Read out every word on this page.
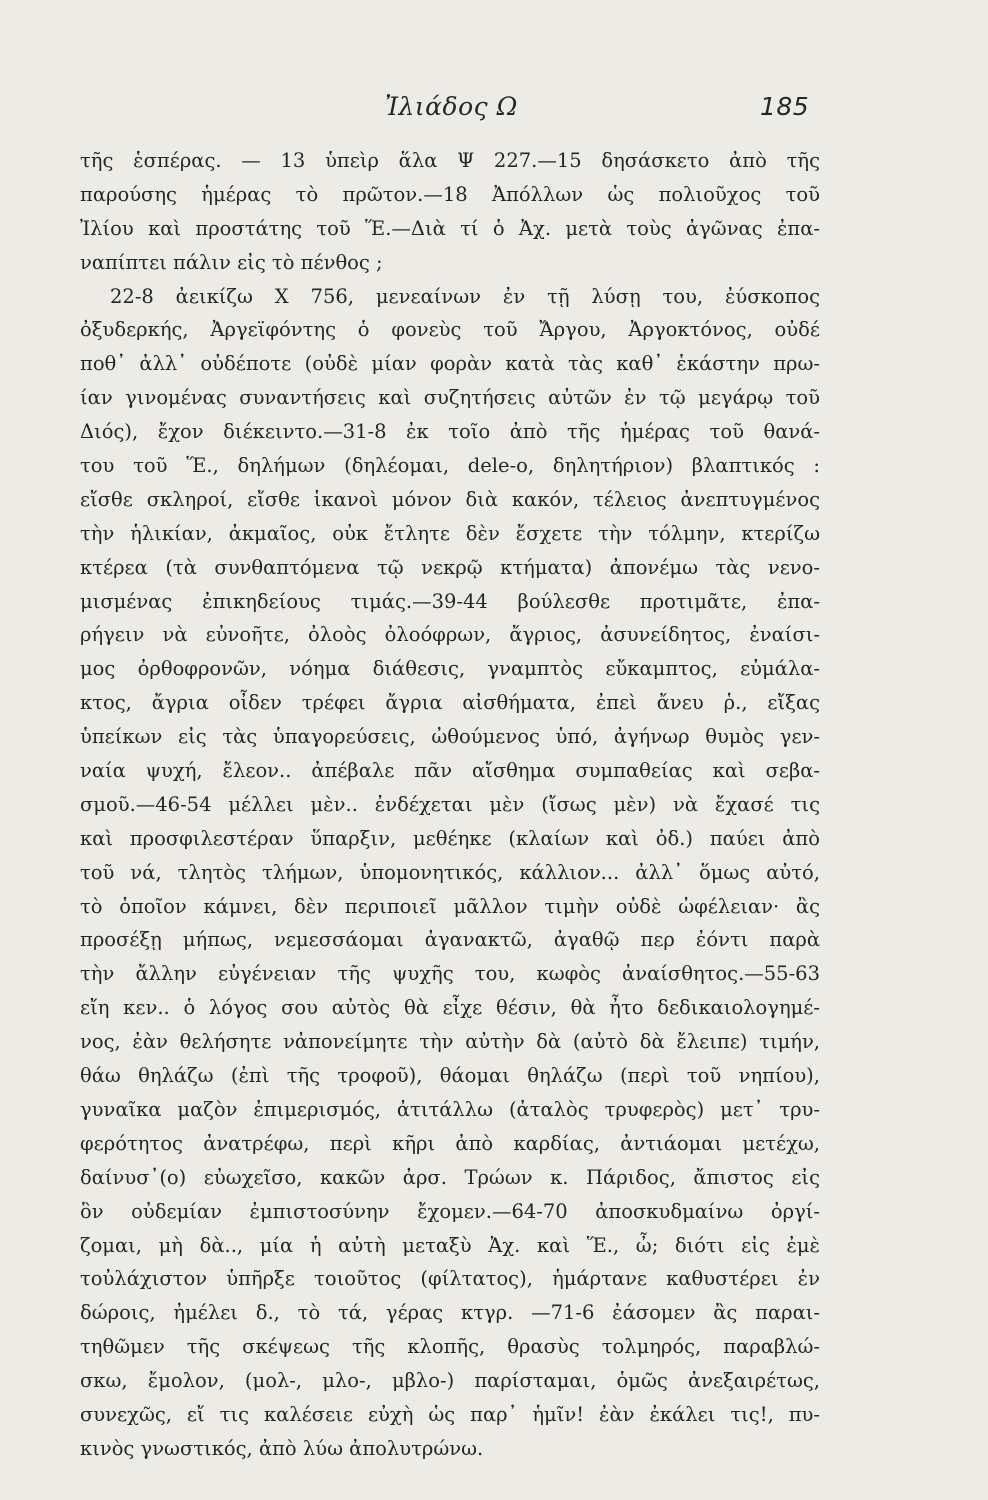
Ἰλιάδος Ω	185
τῆς ἑσπέρας. — 13 ὑπεὶρ ἅλα Ψ 227.—15 δησάσκετο ἀπὸ τῆς
παρούσης ἡμέρας τὸ πρῶτον.—18 Ἀπόλλων ὡς πολιοῦχος τοῦ
Ἰλίου καὶ προστάτης τοῦ Ἕ.—Διὰ τί ὁ Ἀχ. μετὰ τοὺς ἀγῶνας ἐπα-
ναπίπτει πάλιν εἰς τὸ πένθος ;
22-8 ἀεικίζω X 756, μενεαίνων ἐν τῇ λύσῃ του, ἐύσκοπος
ὀξυδερκής, Ἀργεϊφόντης ὁ φονεὺς τοῦ Ἄργου, Ἀργοκτόνος, οὐδέ
ποθ᾽ ἀλλ᾽ οὐδέποτε (οὐδὲ μίαν φορὰν κατὰ τὰς καθ᾽ ἑκάστην πρω-
ίαν γινομένας συναντήσεις καὶ συζητήσεις αὐτῶν ἐν τῷ μεγάρῳ τοῦ
Διός), ἔχον διέκειντο.—31-8 ἐκ τοῖο ἀπὸ τῆς ἡμέρας τοῦ θανά-
του τοῦ Ἕ., δηλήμων (δηλέομαι, dele-o, δηλητήριον) βλαπτικός :
εἴσθε σκληροί, εἴσθε ἱκανοὶ μόνον διὰ κακόν, τέλειος ἀνεπτυγμένος
τὴν ἡλικίαν, ἀκμαῖος, οὐκ ἔτλητε δὲν ἔσχετε τὴν τόλμην, κτερίζω
κτέρεα (τὰ συνθαπτόμενα τῷ νεκρῷ κτήματα) ἀπονέμω τὰς νενο-
μισμένας ἐπικηδείους τιμάς.—39-44 βούλεσθε προτιμᾶτε, ἐπα-
ρήγειν νὰ εὐνοῆτε, ὀλοὸς ὀλοόφρων, ἄγριος, ἀσυνείδητος, ἐναίσι-
μος ὀρθοφρονῶν, νόημα διάθεσις, γναμπτὸς εὔκαμπτος, εὐμάλα-
κτος, ἄγρια οἶδεν τρέφει ἄγρια αἰσθήματα, ἐπεὶ ἄνευ ῥ., εἴξας
ὑπείκων εἰς τὰς ὑπαγορεύσεις, ὠθούμενος ὑπό, ἀγήνωρ θυμὸς γεν-
ναία ψυχή, ἔλεον.. ἀπέβαλε πᾶν αἴσθημα συμπαθείας καὶ σεβα-
σμοῦ.—46-54 μέλλει μὲν.. ἐνδέχεται μὲν (ἴσως μὲν) νὰ ἔχασέ τις
καὶ προσφιλεστέραν ὕπαρξιν, μεθέηκε (κλαίων καὶ ὀδ.) παύει ἀπὸ
τοῦ νά, τλητὸς τλήμων, ὑπομονητικός, κάλλιον... ἀλλ᾽ ὅμως αὐτό,
τὸ ὁποῖον κάμνει, δὲν περιποιεῖ μᾶλλον τιμὴν οὐδὲ ὠφέλειαν· ἂς
προσέξῃ μήπως, νεμεσσάομαι ἀγανακτῶ, ἀγαθῷ περ ἐόντι παρὰ
τὴν ἄλλην εὐγένειαν τῆς ψυχῆς του, κωφὸς ἀναίσθητος.—55-63
εἴη κεν.. ὁ λόγος σου αὐτὸς θὰ εἶχε θέσιν, θὰ ἦτο δεδικαιολογημέ-
νος, ἐὰν θελήσητε νἀπονείμητε τὴν αὐτὴν δὰ (αὐτὸ δὰ ἔλειπε) τιμήν,
θάω θηλάζω (ἐπὶ τῆς τροφοῦ), θάομαι θηλάζω (περὶ τοῦ νηπίου),
γυναῖκα μαζὸν ἐπιμερισμός, ἀτιτάλλω (ἀταλὸς τρυφερὸς) μετ᾽ τρυ-
φερότητος ἀνατρέφω, περὶ κῆρι ἀπὸ καρδίας, ἀντιάομαι μετέχω,
δαίνυσ᾽(ο) εὐωχεῖσο, κακῶν ἀρσ. Τρώων κ. Πάριδος, ἄπιστος εἰς
ὃν οὐδεμίαν ἐμπιστοσύνην ἔχομεν.—64-70 ἀποσκυδμαίνω ὀργί-
ζομαι, μὴ δὰ.., μία ἡ αὐτὴ μεταξὺ Ἀχ. καὶ Ἕ., ὦ; διότι εἰς ἐμὲ
τοὐλάχιστον ὑπῆρξε τοιοῦτος (φίλτατος), ἡμάρτανε καθυστέρει ἐν
δώροις, ἠμέλει δ., τὸ τά, γέρας κτγρ. —71-6 ἐάσομεν ἂς παραι-
τηθῶμεν τῆς σκέψεως τῆς κλοπῆς, θρασὺς τολμηρός, παραβλώ-
σκω, ἔμολον, (μολ-, μλο-, μβλο-) παρίσταμαι, ὁμῶς ἀνεξαιρέτως,
συνεχῶς, εἴ τις καλέσειε εὐχὴ ὡς παρ᾽ ἡμῖν! ἐὰν ἐκάλει τις!, πυ-
κινὸς γνωστικός, ἀπὸ λύω ἀπολυτρώνω.
